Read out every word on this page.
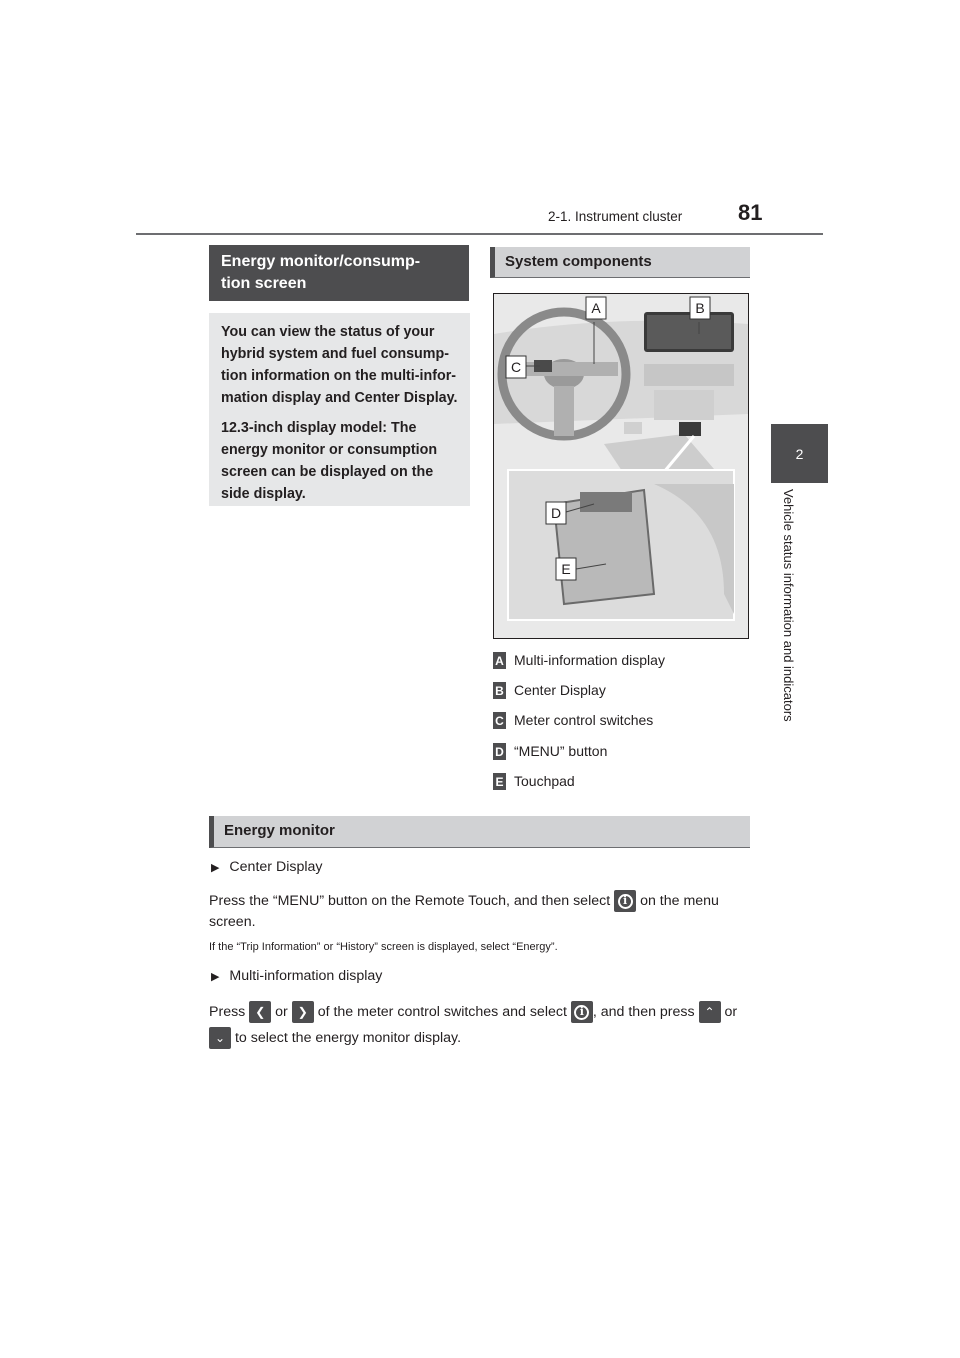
2-1. Instrument cluster	81
2
Vehicle status information and indicators
Energy monitor/consump-
tion screen

You can view the status of your hybrid system and fuel consump-tion information on the multi-infor-mation display and Center Display.

12.3-inch display model: The energy monitor or consumption screen can be displayed on the side display.

System components
A	B
C
D
E
A Multi-information display
B Center Display
C Meter control switches
D “MENU” button
E Touchpad
Energy monitor
▶ Center Display
Press the “MENU” button on the Remote Touch, and then select	i on the menu screen.
If the “Trip Information” or “History” screen is displayed, select “Energy”.
▶ Multi-information display
Press ❮ or ❯ of the meter control switches and select	i , and then press ⌃ or
⌄ to select the energy monitor display.
